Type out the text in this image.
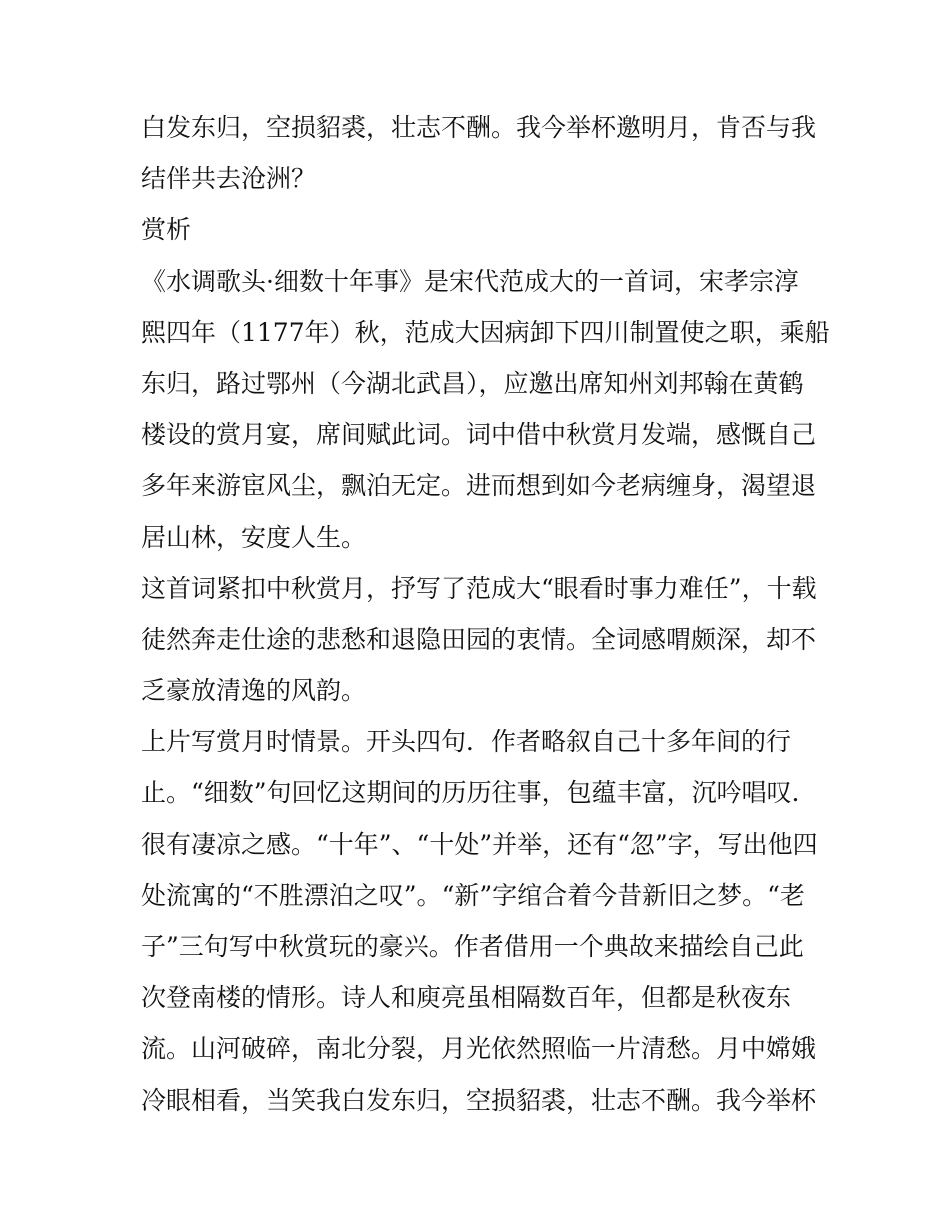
白发东归，空损貂裘，壮志不酬。我今举杯邀明月，肯否与我
结伴共去沧洲？
赏析
《水调歌头·细数十年事》是宋代范成大的一首词，宋孝宗淳
熙四年（1177年）秋，范成大因病卸下四川制置使之职，乘船
东归，路过鄂州（今湖北武昌），应邀出席知州刘邦翰在黄鹤
楼设的赏月宴，席间赋此词。词中借中秋赏月发端，感慨自己
多年来游宦风尘，飘泊无定。进而想到如今老病缠身，渴望退
居山林，安度人生。
这首词紧扣中秋赏月，抒写了范成大“眼看时事力难任”，十载
徒然奔走仕途的悲愁和退隐田园的衷情。全词感喟颇深，却不
乏豪放清逸的风韵。
上片写赏月时情景。开头四句．作者略叙自己十多年间的行
止。“细数”句回忆这期间的历历往事，包蕴丰富，沉吟唱叹．
很有凄凉之感。“十年”、“十处”并举，还有“忽”字，写出他四
处流寓的“不胜漂泊之叹”。“新”字绾合着今昔新旧之梦。“老
子”三句写中秋赏玩的豪兴。作者借用一个典故来描绘自己此
次登南楼的情形。诗人和庾亮虽相隔数百年，但都是秋夜东
流。山河破碎，南北分裂，月光依然照临一片清愁。月中嫦娥
冷眼相看，当笑我白发东归，空损貂裘，壮志不酬。我今举杯
